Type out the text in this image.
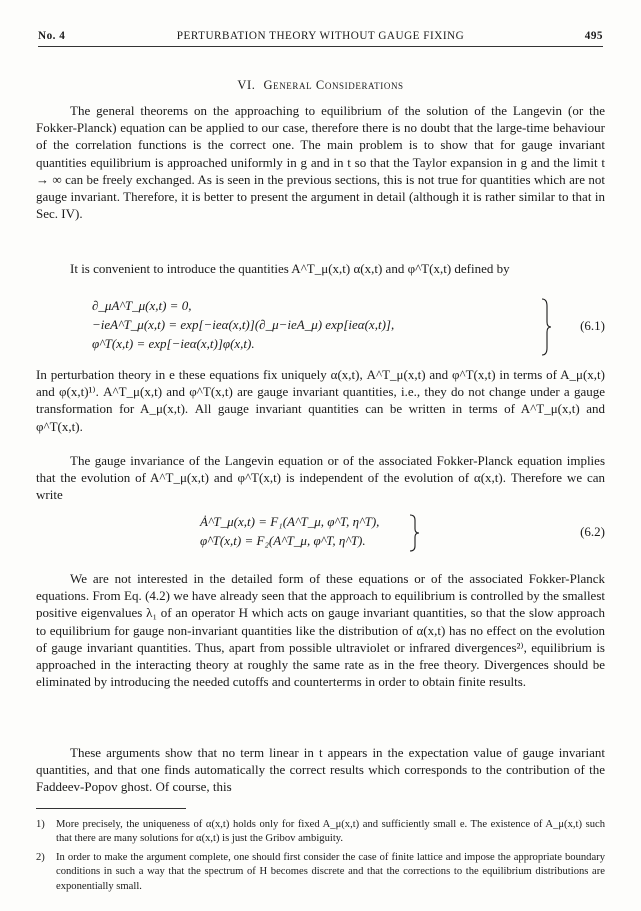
No. 4	PERTURBATION THEORY WITHOUT GAUGE FIXING	495
VI. General Considerations

The general theorems on the approaching to equilibrium of the solution of the Langevin (or the Fokker-Planck) equation can be applied to our case, therefore there is no doubt that the large-time behaviour of the correlation functions is the correct one. The main problem is to show that for gauge invariant quantities equilibrium is approached uniformly in g and in t so that the Taylor expansion in g and the limit t → ∞ can be freely exchanged. As is seen in the previous sections, this is not true for quantities which are not gauge invariant. Therefore, it is better to present the argument in detail (although it is rather similar to that in Sec. IV).

It is convenient to introduce the quantities A^T_μ(x,t) α(x,t) and φ^T(x,t) defined by

∂_μA^T_μ(x,t) = 0,
−ieA^T_μ(x,t) = exp[−ieα(x,t)](∂_μ−ieA_μ) exp[ieα(x,t)],
φ^T(x,t) = exp[−ieα(x,t)]φ(x,t).
(6.1)

In perturbation theory in e these equations fix uniquely α(x,t), A^T_μ(x,t) and φ^T(x,t) in terms of A_μ(x,t) and φ(x,t)¹⁾. A^T_μ(x,t) and φ^T(x,t) are gauge invariant quantities, i.e., they do not change under a gauge transformation for A_μ(x,t). All gauge invariant quantities can be written in terms of A^T_μ(x,t) and φ^T(x,t).

The gauge invariance of the Langevin equation or of the associated Fokker-Planck equation implies that the evolution of A^T_μ(x,t) and φ^T(x,t) is independent of the evolution of α(x,t). Therefore we can write

Ȧ^T_μ(x,t) = F₁(A^T_μ, φ^T, η^T),
φ̇^T(x,t) = F₂(A^T_μ, φ^T, η^T).
(6.2)

We are not interested in the detailed form of these equations or of the associated Fokker-Planck equations. From Eq. (4.2) we have already seen that the approach to equilibrium is controlled by the smallest positive eigenvalues λ₁ of an operator H which acts on gauge invariant quantities, so that the slow approach to equilibrium for gauge non-invariant quantities like the distribution of α(x,t) has no effect on the evolution of gauge invariant quantities. Thus, apart from possible ultraviolet or infrared divergences²⁾, equilibrium is approached in the interacting theory at roughly the same rate as in the free theory. Divergences should be eliminated by introducing the needed cutoffs and counterterms in order to obtain finite results.

These arguments show that no term linear in t appears in the expectation value of gauge invariant quantities, and that one finds automatically the correct results which corresponds to the contribution of the Faddeev-Popov ghost. Of course, this

1)	More precisely, the uniqueness of α(x,t) holds only for fixed A_μ(x,t) and sufficiently small e. The existence of A_μ(x,t) such that there are many solutions for α(x,t) is just the Gribov ambiguity.
2)	In order to make the argument complete, one should first consider the case of finite lattice and impose the appropriate boundary conditions in such a way that the spectrum of H becomes discrete and that the corrections to the equilibrium distributions are exponentially small.
